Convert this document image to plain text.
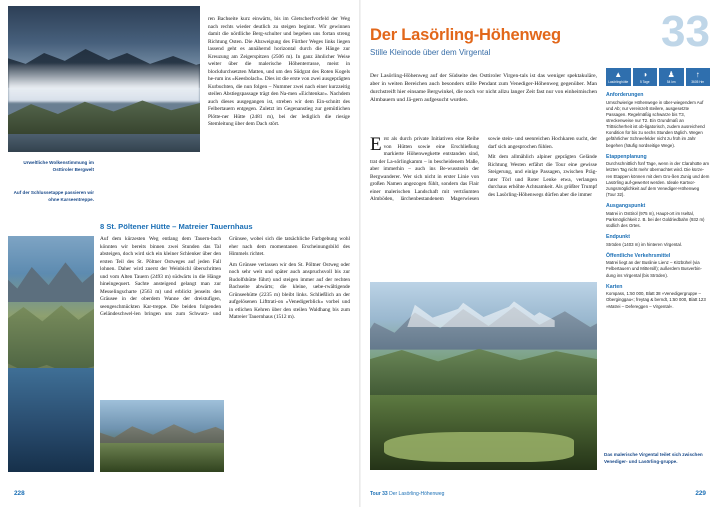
Urweltliche Wolkenstimmung im Osttiroler Bergwelt
Auf der Schlussetappe passieren wir ohne Karseentreppe.

ren Bachseite kurz einwärts, bis im Gletscherfvorfeld der Weg nach rechts wieder deutlich zu steigen beginnt. Wir gewinnen damit die nördliche Berg-schulter und begeben uns fortan streng Richtung Osten. Die Abzweigung des Fürther Weges links liegen lassend geht es annähernd horizontal durch die Hänge zur Kreuzung am Zeigerspitzen (2506 m). In ganz ähnlicher Weise weiter über die malerische Höhenterrasse, meist in blockdurchsetzten Matten, und um den Südgrat des Roten Kogels he-rum ins »Keesbolach«. Dies ist die erste von zwei ausgeprägten Kurbuchten, die nun folgen – Nummer zwei nach einer kurzzeitig steilen Abstiegspassage trägt den Na-men »Eichtenkar«. Nachdem auch dieses ausgegangen ist, streben wir dem Ein-schnitt des Felbertauern entgegen. Zuletzt im Gegenanstieg zur gemütlichen Plötte-ner Hütte (2481 m), bei der lediglich die riesige Stemleitung über dem Dach stört.

8 St. Pöltener Hütte – Matreier Tauernhaus

Auf dem kürzesten Weg entlang dem Tauern-bach könnten wir bereits binnen zwei Stunden das Tal absteigen, doch wird sich ein kleiner Schlenker über den ersten Teil des St. Pöltner Ostweges auf jeden Fall lohnen. Daher wird zuerst der Weinbichl überschritten und vom Alten Tauern (2493 m) südwärts in die Hänge hineingequert. Sachte ansteigend gelangt man zur Messelingscharte (2563 m) und erblickt jenseits den Gräusee in der oberdem Wanne der dreistufigen, seengeschmückten Kar-treppe. Die beiden folgenden Geländeschwel-len bringen uns zum Schwarz- und Grünsee, wobei sich die tatsächliche Farbgebung wohl eher nach dem momentanen Erscheinungsbild des Himmels richtet.

Am Grünsee verlassen wir den St. Pöltner Ostweg oder noch sehr weit und später auch anspruchsvoll bis zur Rudolfshütte führt) und steigen immer auf der rechten Bachseite abwärts; die kleine, uebe-rwältigende Grünseehütte (2235 m) bleibt links. Schließlich an der aufgelösenen Lifttrati-on »Venedigerblick« vorbei und in etlichen Kehren über den steilen Waldhang bis zum Matreier Tauernhaus (1512 m).

228
33
Der Lasörling-Höhenweg
Stille Kleinode über dem Virgental
Der Lasörling-Höhenweg auf der Südseite des Osttiroler Virgen-tals ist das weniger spektakuläre, aber in weiten Bereichen auch besonders stille Pendant zum Venediger-Höhenweg gegenüber. Man durchstreift hier einsame Bergwinkel, die noch vor nicht allzu langer Zeit fast nur von einheimischen Almbauern und Jä-gern aufgesucht wurden.

Erst als durch private Initiativen eine Reihe von Hütten sowie eine Erschließung markierte Höhenwegkette entstanden sind, trat der La-sörlingkamm – in bescheidenem Maße, aber immerhin – auch ins Be-wusstsein der Bergwanderer. Wer sich nicht in erster Linie von großen Namen angezogen fühlt, sondern das Flair einer malerischen Landschaft mit verträumten Almböden, lärchenbestandenem Magerwiesen sowie stein- und seenreichen Hochkaren sucht, der darf sich angesprochen fühlen.

Mit dem allmählich alpiner geprägten Gelände Richtung Westen erfährt die Tour eine gewisse Steigerung, und einige Passagen, zwischen Präg-rater Törl und Roter Lenke etwa, verlangen durchaus erhöhte Achtsamkeit. Als größter Trumpf des Lasörling-Höhenwegs dürfen aber die immer

▲
Lasörlinghütte
◑
5 Tage
♟
54 km
↑
3605 Hm
Anforderungen
Umschwierige Höhenwege in über-wiegendem Auf und Ab; nur vereinzelt steilere, ausgesetzte Passagen. Regelmäßig schwarze bis T3, streckenweise nur T2. Ein Grundmaß an Trittsicherheit ist ob-ligatorisch, zudem ausreichend Kondition für bis zu sechs Stunden täglich. Wegen gefährlicher Schneefelder nicht zu früh im Jahr begehen (häufig nordseitige Wege).
Etappenplanung
Durchschnittlich fünf Tage, wenn in der Clarahütte am letzten Tag nicht mehr übernachtet wird. Die kürze-ren Etappen können mit dem Gro-ßen Zunig und dem Lasörling auf-gewertet werden. Ideale Kartvor-zungsmöglichkeit auf dem Venediger-Höhenweg (Tour 32).
Ausgangspunkt
Matrei in Osttirol (975 m), Haupt-ort im Iseltal, Parkmöglichkeit z. B. bei der Goldriedbahn (932 m) südlich des Ortes.
Endpunkt
Ströden (1403 m) im hinteren Virgental.
Öffentliche Verkehrsmittel
Matrei liegt an der Buslinie Lienz – Kitzbühel (via Felbertauern und Mittersill); außerdem Busverbin-dung ins Virgental (bis Ströden).
Karten
Kompass, 1:50 000, Blatt 38 »Venedigergruppe – Oberginggau«; freytag & berndt, 1:50 000, Blatt 123 »Matrei – Defereggen – Virgental«.
Das malerische Virgental teilet sich zwischen Venediger- und Lasörling-gruppe.
Tour 33 Der Lasörling-Höhenweg	229
